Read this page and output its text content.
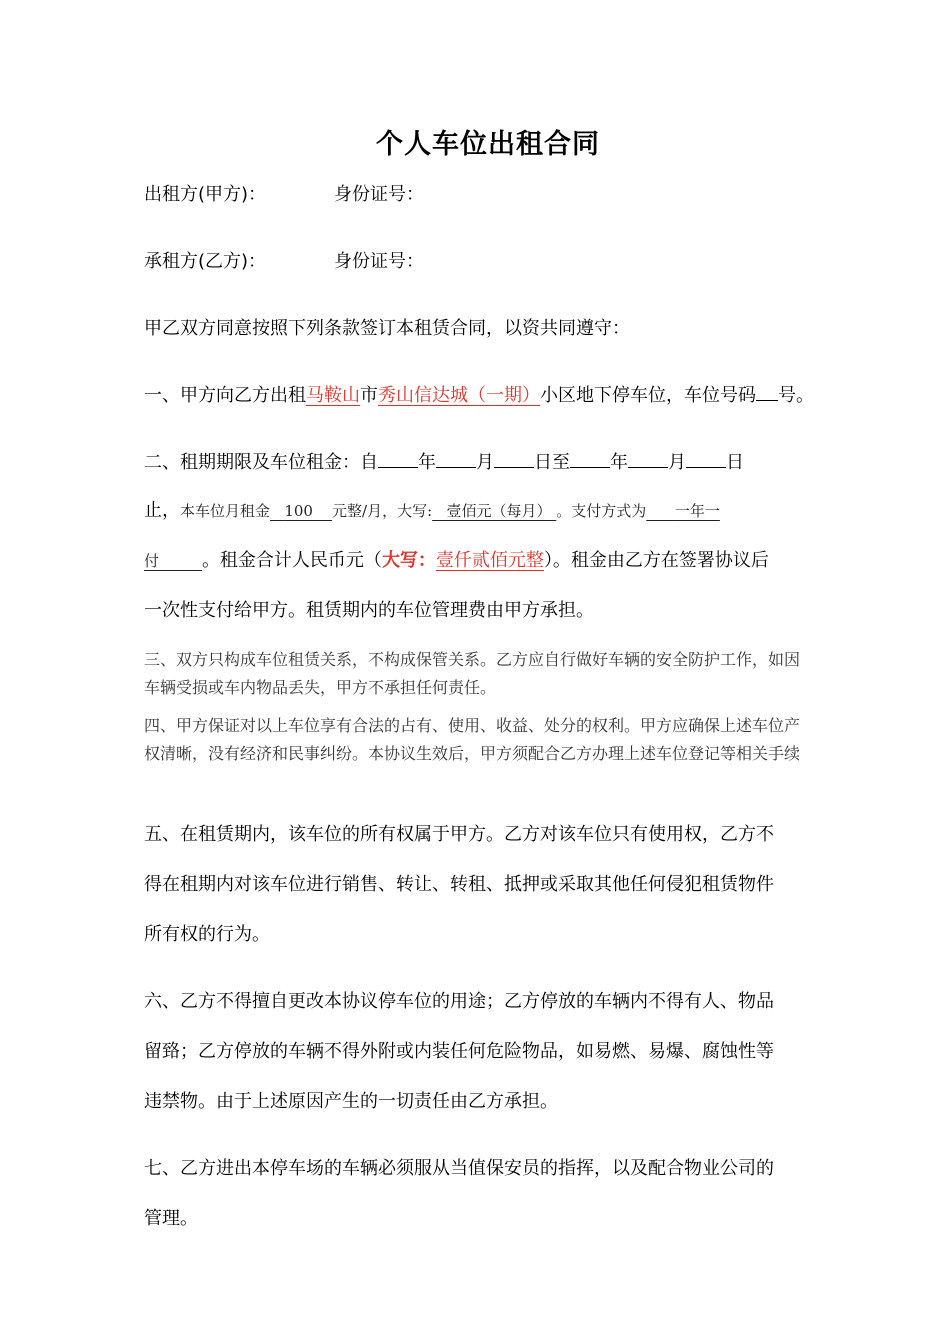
个人车位出租合同
出租方(甲方)：	身份证号：
承租方(乙方)：	身份证号：
甲乙双方同意按照下列条款签订本租赁合同，以资共同遵守：
一、甲方向乙方出租马鞍山市秀山信达城（一期）小区地下停车位，车位号码 号。
二、租期期限及车位租金：自 年 月 日至 年 月 日
止，本车位月租金 100 元整/月，大写: 壹佰元（每月） 。支付方式为 一年一
付 。租金合计人民币元（大写：壹仟贰佰元整）。租金由乙方在签署协议后
一次性支付给甲方。租赁期内的车位管理费由甲方承担。
三、双方只构成车位租赁关系，不构成保管关系。乙方应自行做好车辆的安全防护工作，如因车辆受损或车内物品丢失，甲方不承担任何责任。
四、甲方保证对以上车位享有合法的占有、使用、收益、处分的权利。甲方应确保上述车位产权清晰，没有经济和民事纠纷。本协议生效后，甲方须配合乙方办理上述车位登记等相关手续
五、在租赁期内，该车位的所有权属于甲方。乙方对该车位只有使用权，乙方不
得在租期内对该车位进行销售、转让、转租、抵押或采取其他任何侵犯租赁物件
所有权的行为。
六、乙方不得擅自更改本协议停车位的用途；乙方停放的车辆内不得有人、物品
留臵；乙方停放的车辆不得外附或内装任何危险物品，如易燃、易爆、腐蚀性等
违禁物。由于上述原因产生的一切责任由乙方承担。
七、乙方进出本停车场的车辆必须服从当值保安员的指挥，以及配合物业公司的
管理。
